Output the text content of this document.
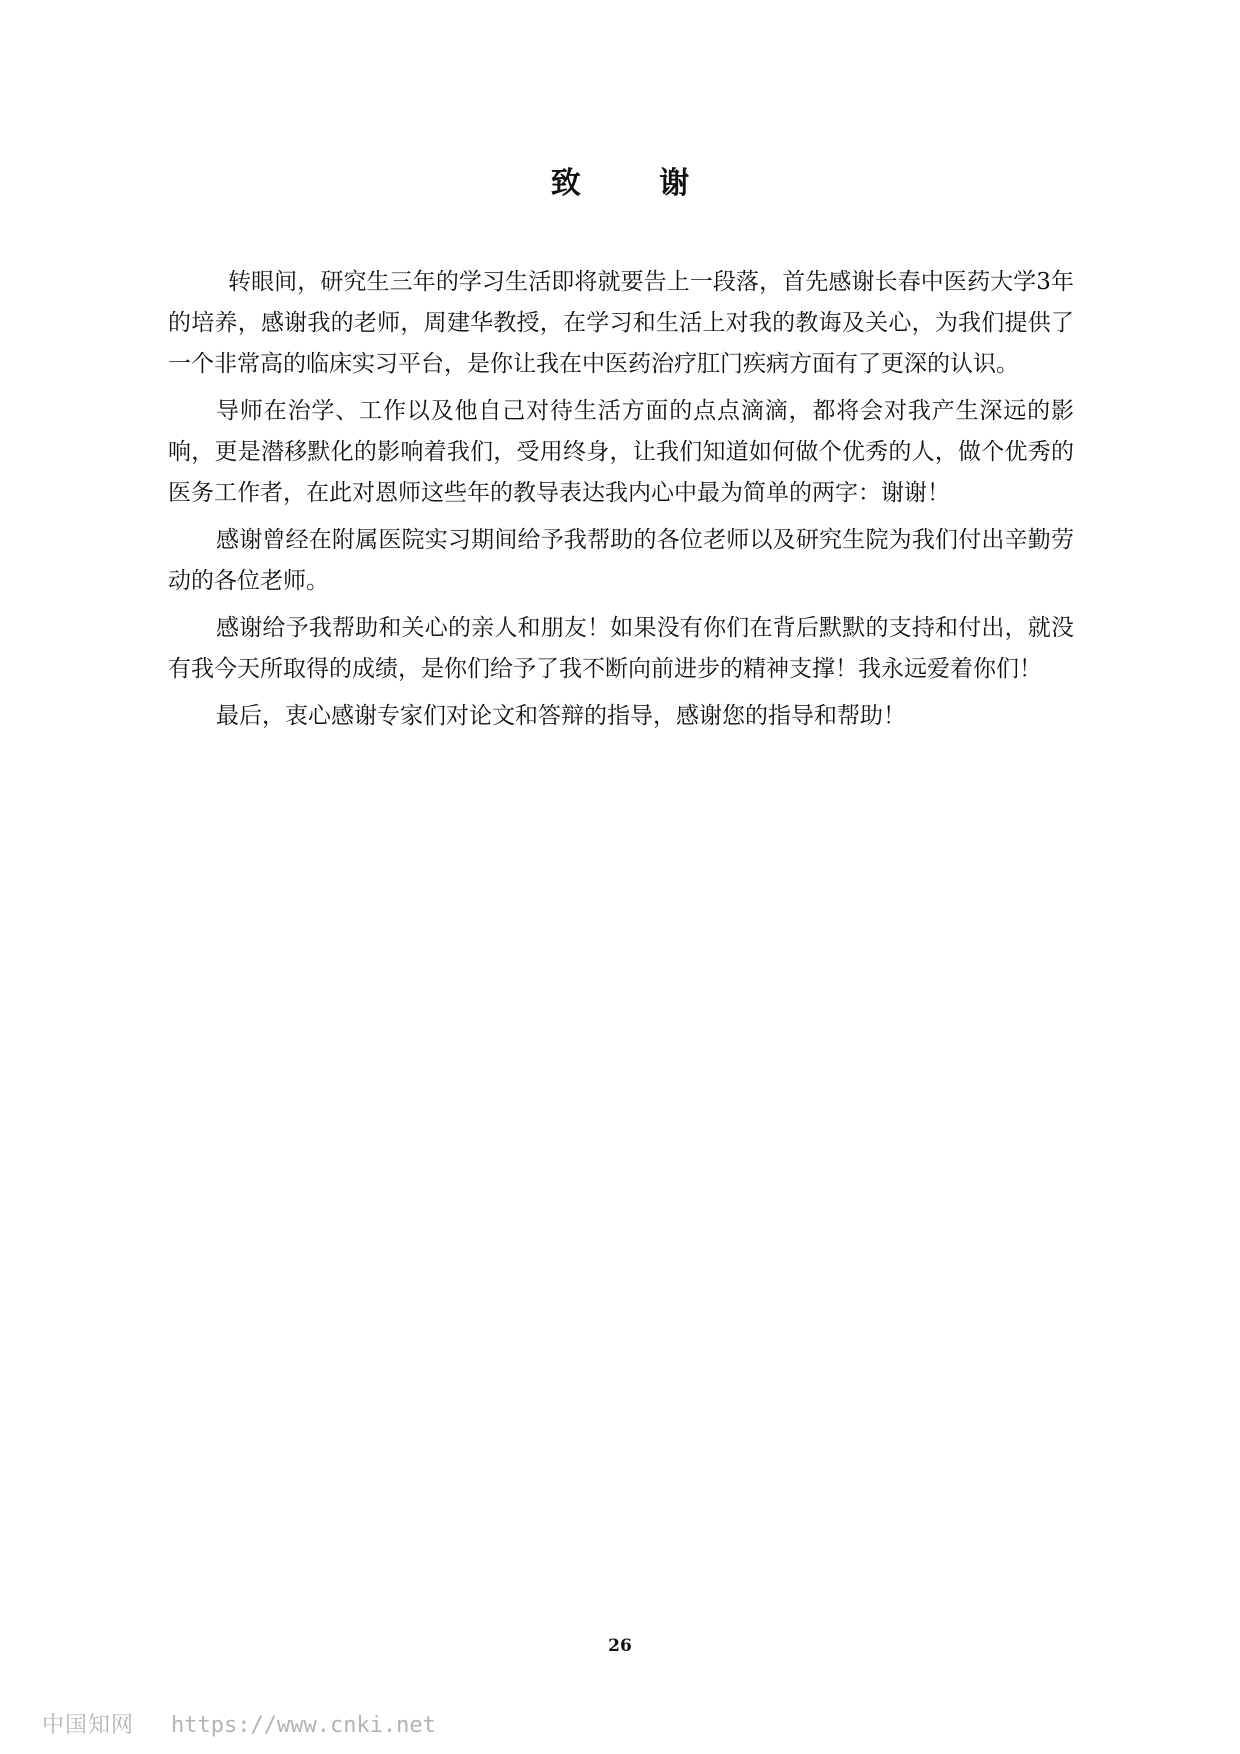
致 谢

转眼间，研究生三年的学习生活即将就要告上一段落，首先感谢长春中医药大学3年的培养，感谢我的老师，周建华教授，在学习和生活上对我的教诲及关心，为我们提供了一个非常高的临床实习平台，是你让我在中医药治疗肛门疾病方面有了更深的认识。

导师在治学、工作以及他自己对待生活方面的点点滴滴，都将会对我产生深远的影响，更是潜移默化的影响着我们，受用终身，让我们知道如何做个优秀的人，做个优秀的医务工作者，在此对恩师这些年的教导表达我内心中最为简单的两字：谢谢！

感谢曾经在附属医院实习期间给予我帮助的各位老师以及研究生院为我们付出辛勤劳动的各位老师。

感谢给予我帮助和关心的亲人和朋友！如果没有你们在背后默默的支持和付出，就没有我今天所取得的成绩，是你们给予了我不断向前进步的精神支撑！我永远爱着你们！

最后，衷心感谢专家们对论文和答辩的指导，感谢您的指导和帮助！

26
中国知网 https://www.cnki.net
